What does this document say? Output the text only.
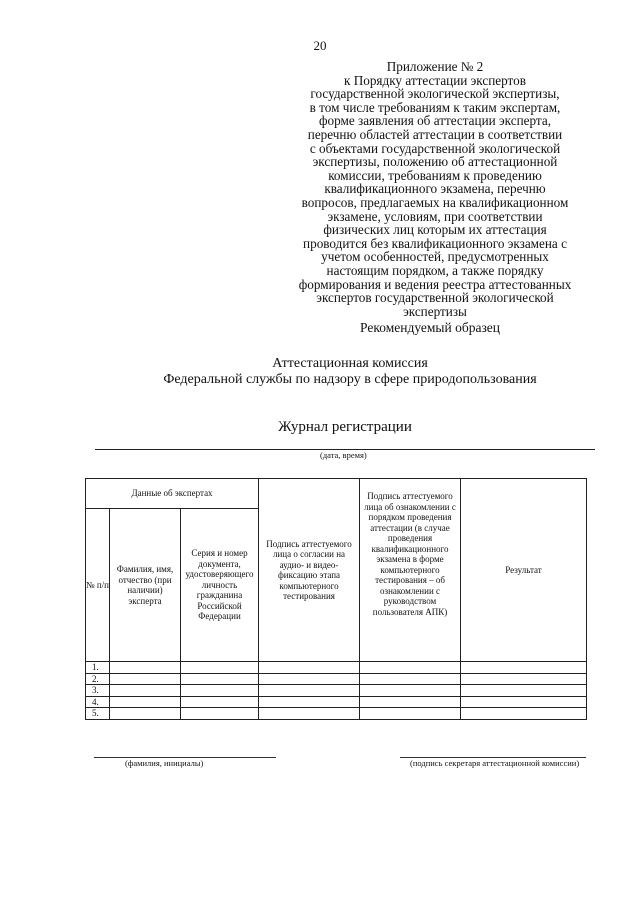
20
Приложение № 2
к Порядку аттестации экспертов
государственной экологической экспертизы,
в том числе требованиям к таким экспертам,
форме заявления об аттестации эксперта,
перечню областей аттестации в соответствии
с объектами государственной экологической
экспертизы, положению об аттестационной
комиссии, требованиям к проведению
квалификационного экзамена, перечню
вопросов, предлагаемых на квалификационном
экзамене, условиям, при соответствии
физических лиц которым их аттестация
проводится без квалификационного экзамена с
учетом особенностей, предусмотренных
настоящим порядком, а также порядку
формирования и ведения реестра аттестованных
экспертов государственной экологической
экспертизы
Рекомендуемый образец
Аттестационная комиссия
Федеральной службы по надзору в сфере природопользования
Журнал регистрации
(дата, время)
Данные об экспертах			Подпись аттестуемого лица о согласии на аудио- и видео-фиксацию этапа компьютерного тестирования	Подпись аттестуемого лица об ознакомлении с порядком проведения аттестации (в случае проведения квалификационного экзамена в форме компьютерного тестирования – об ознакомлении с руководством пользователя АПК)	Результат
№ п/п	Фамилия, имя, отчество (при наличии) эксперта	Серия и номер документа, удостоверяющего личность гражданина Российской Федерации			
1.					
2.					
3.					
4.					
5.					
(фамилия, инициалы)	(подпись секретаря аттестационной комиссии)
